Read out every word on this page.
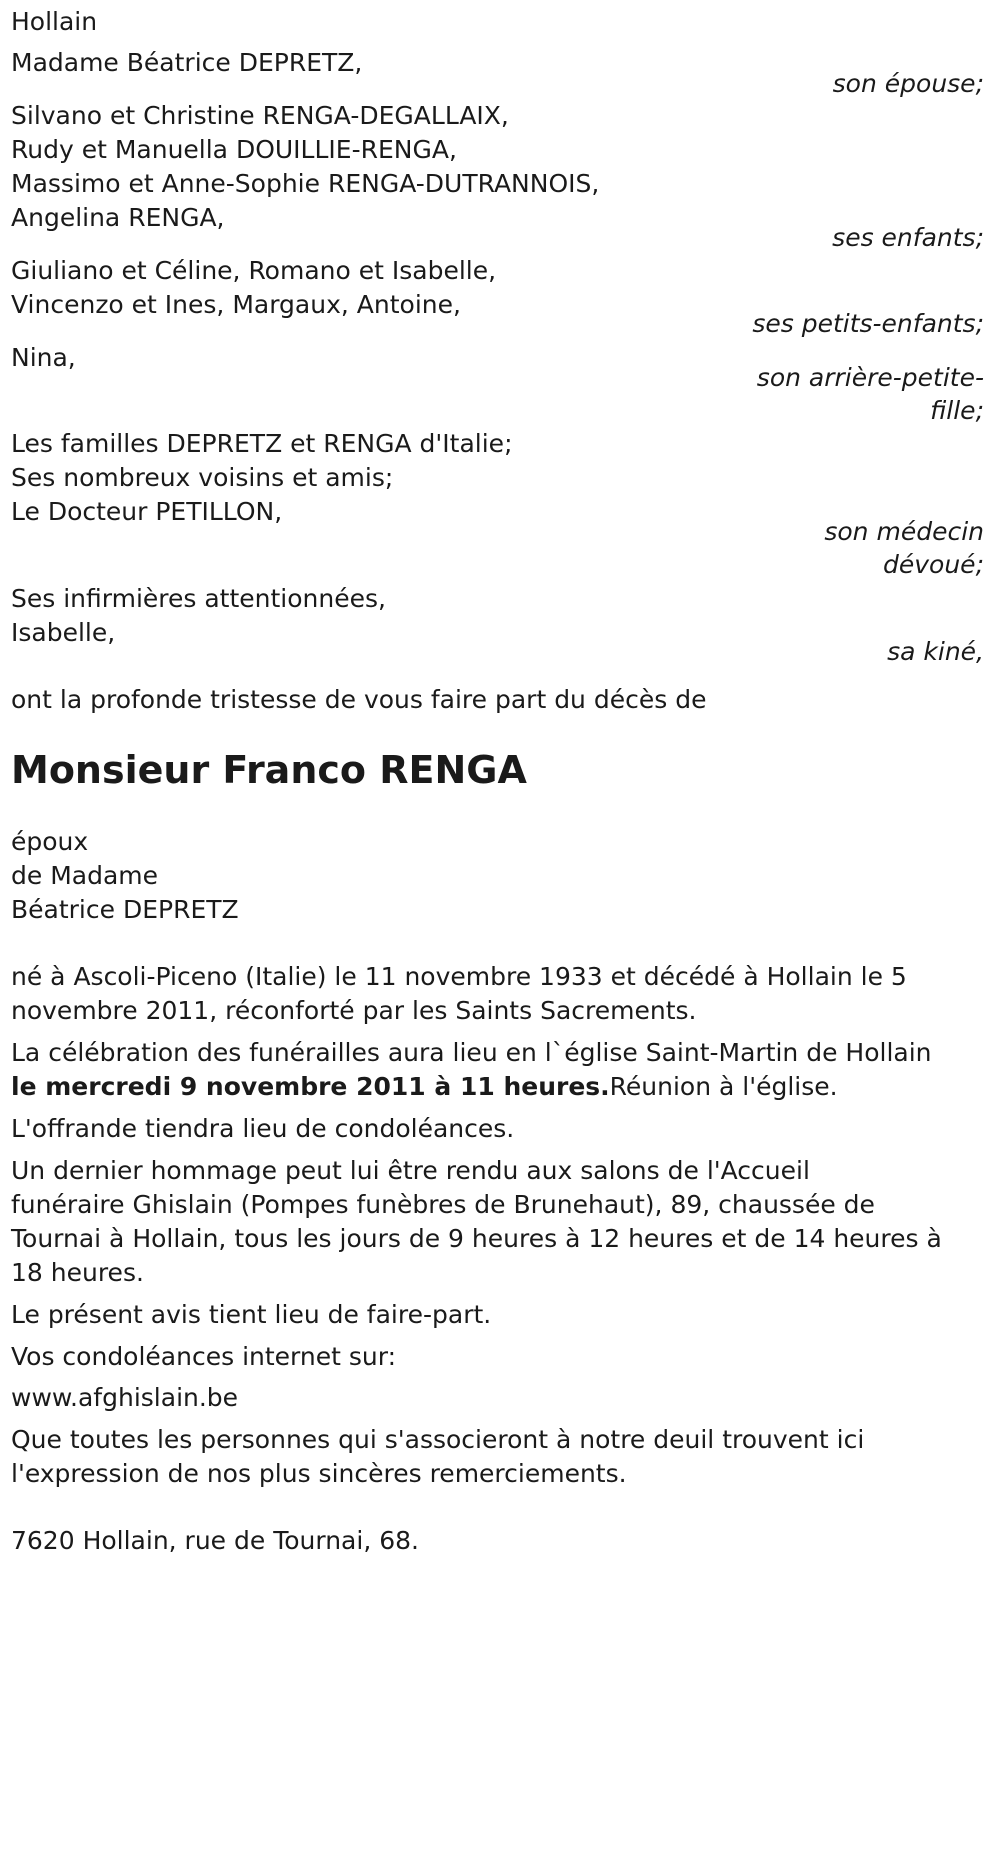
Hollain
Madame Béatrice DEPRETZ,
son épouse;
Silvano et Christine RENGA-DEGALLAIX,
Rudy et Manuella DOUILLIE-RENGA,
Massimo et Anne-Sophie RENGA-DUTRANNOIS,
Angelina RENGA,
ses enfants;
Giuliano et Céline, Romano et Isabelle,
Vincenzo et Ines, Margaux, Antoine,
ses petits-enfants;
Nina,
son arrière-petite-
fille;
Les familles DEPRETZ et RENGA d'Italie;
Ses nombreux voisins et amis;
Le Docteur PETILLON,
son médecin
dévoué;
Ses infirmières attentionnées,
Isabelle,
sa kiné,
ont la profonde tristesse de vous faire part du décès de
Monsieur Franco RENGA
époux
de Madame
Béatrice DEPRETZ
né à Ascoli-Piceno (Italie) le 11 novembre 1933 et décédé à Hollain le 5
novembre 2011, réconforté par les Saints Sacrements.
La célébration des funérailles aura lieu en l`église Saint-Martin de Hollain
le mercredi 9 novembre 2011 à 11 heures.Réunion à l'église.
L'offrande tiendra lieu de condoléances.
Un dernier hommage peut lui être rendu aux salons de l'Accueil
funéraire Ghislain (Pompes funèbres de Brunehaut), 89, chaussée de
Tournai à Hollain, tous les jours de 9 heures à 12 heures et de 14 heures à
18 heures.
Le présent avis tient lieu de faire-part.
Vos condoléances internet sur:
www.afghislain.be
Que toutes les personnes qui s'associeront à notre deuil trouvent ici
l'expression de nos plus sincères remerciements.
7620 Hollain, rue de Tournai, 68.
